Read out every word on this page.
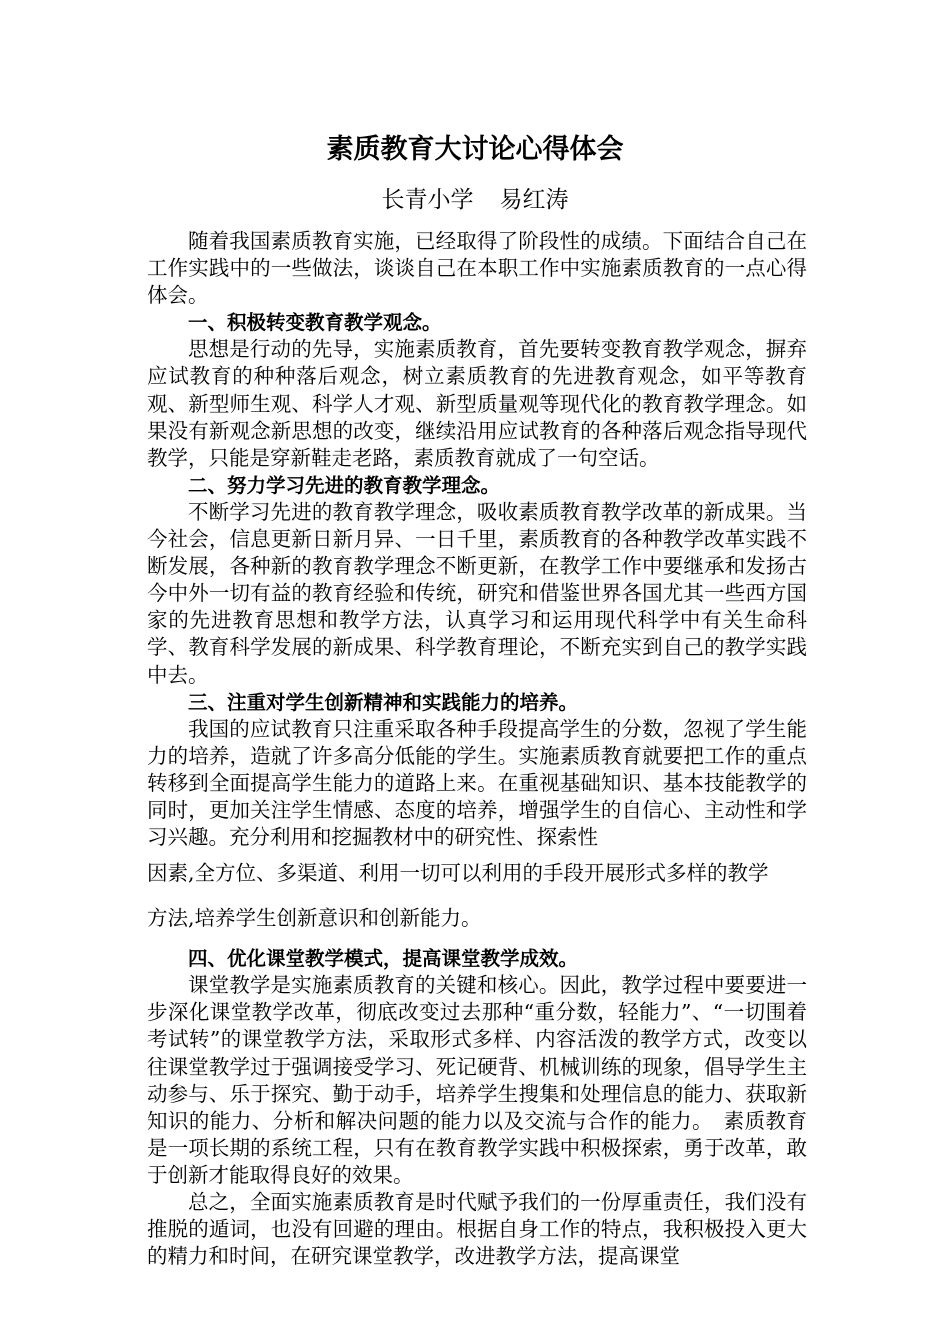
素质教育大讨论心得体会
长青小学 易红涛

随着我国素质教育实施，已经取得了阶段性的成绩。下面结合自己在工作实践中的一些做法，谈谈自己在本职工作中实施素质教育的一点心得体会。

一、积极转变教育教学观念。

思想是行动的先导，实施素质教育，首先要转变教育教学观念，摒弃应试教育的种种落后观念，树立素质教育的先进教育观念，如平等教育观、新型师生观、科学人才观、新型质量观等现代化的教育教学理念。如果没有新观念新思想的改变，继续沿用应试教育的各种落后观念指导现代教学，只能是穿新鞋走老路，素质教育就成了一句空话。

二、努力学习先进的教育教学理念。

不断学习先进的教育教学理念，吸收素质教育教学改革的新成果。当今社会，信息更新日新月异、一日千里，素质教育的各种教学改革实践不断发展，各种新的教育教学理念不断更新，在教学工作中要继承和发扬古今中外一切有益的教育经验和传统，研究和借鉴世界各国尤其一些西方国家的先进教育思想和教学方法，认真学习和运用现代科学中有关生命科学、教育科学发展的新成果、科学教育理论，不断充实到自己的教学实践中去。

三、注重对学生创新精神和实践能力的培养。

我国的应试教育只注重采取各种手段提高学生的分数，忽视了学生能力的培养，造就了许多高分低能的学生。实施素质教育就要把工作的重点转移到全面提高学生能力的道路上来。在重视基础知识、基本技能教学的同时，更加关注学生情感、态度的培养，增强学生的自信心、主动性和学习兴趣。充分利用和挖掘教材中的研究性、探索性

因素,全方位、多渠道、利用一切可以利用的手段开展形式多样的教学

方法,培养学生创新意识和创新能力。

四、优化课堂教学模式，提高课堂教学成效。

课堂教学是实施素质教育的关键和核心。因此，教学过程中要要进一步深化课堂教学改革，彻底改变过去那种“重分数，轻能力”、“一切围着考试转”的课堂教学方法，采取形式多样、内容活泼的教学方式，改变以往课堂教学过于强调接受学习、死记硬背、机械训练的现象，倡导学生主动参与、乐于探究、勤于动手，培养学生搜集和处理信息的能力、获取新知识的能力、分析和解决问题的能力以及交流与合作的能力。　素质教育是一项长期的系统工程，只有在教育教学实践中积极探索，勇于改革，敢于创新才能取得良好的效果。

总之，全面实施素质教育是时代赋予我们的一份厚重责任，我们没有推脱的遁词，也没有回避的理由。根据自身工作的特点，我积极投入更大的精力和时间，在研究课堂教学，改进教学方法，提高课堂
